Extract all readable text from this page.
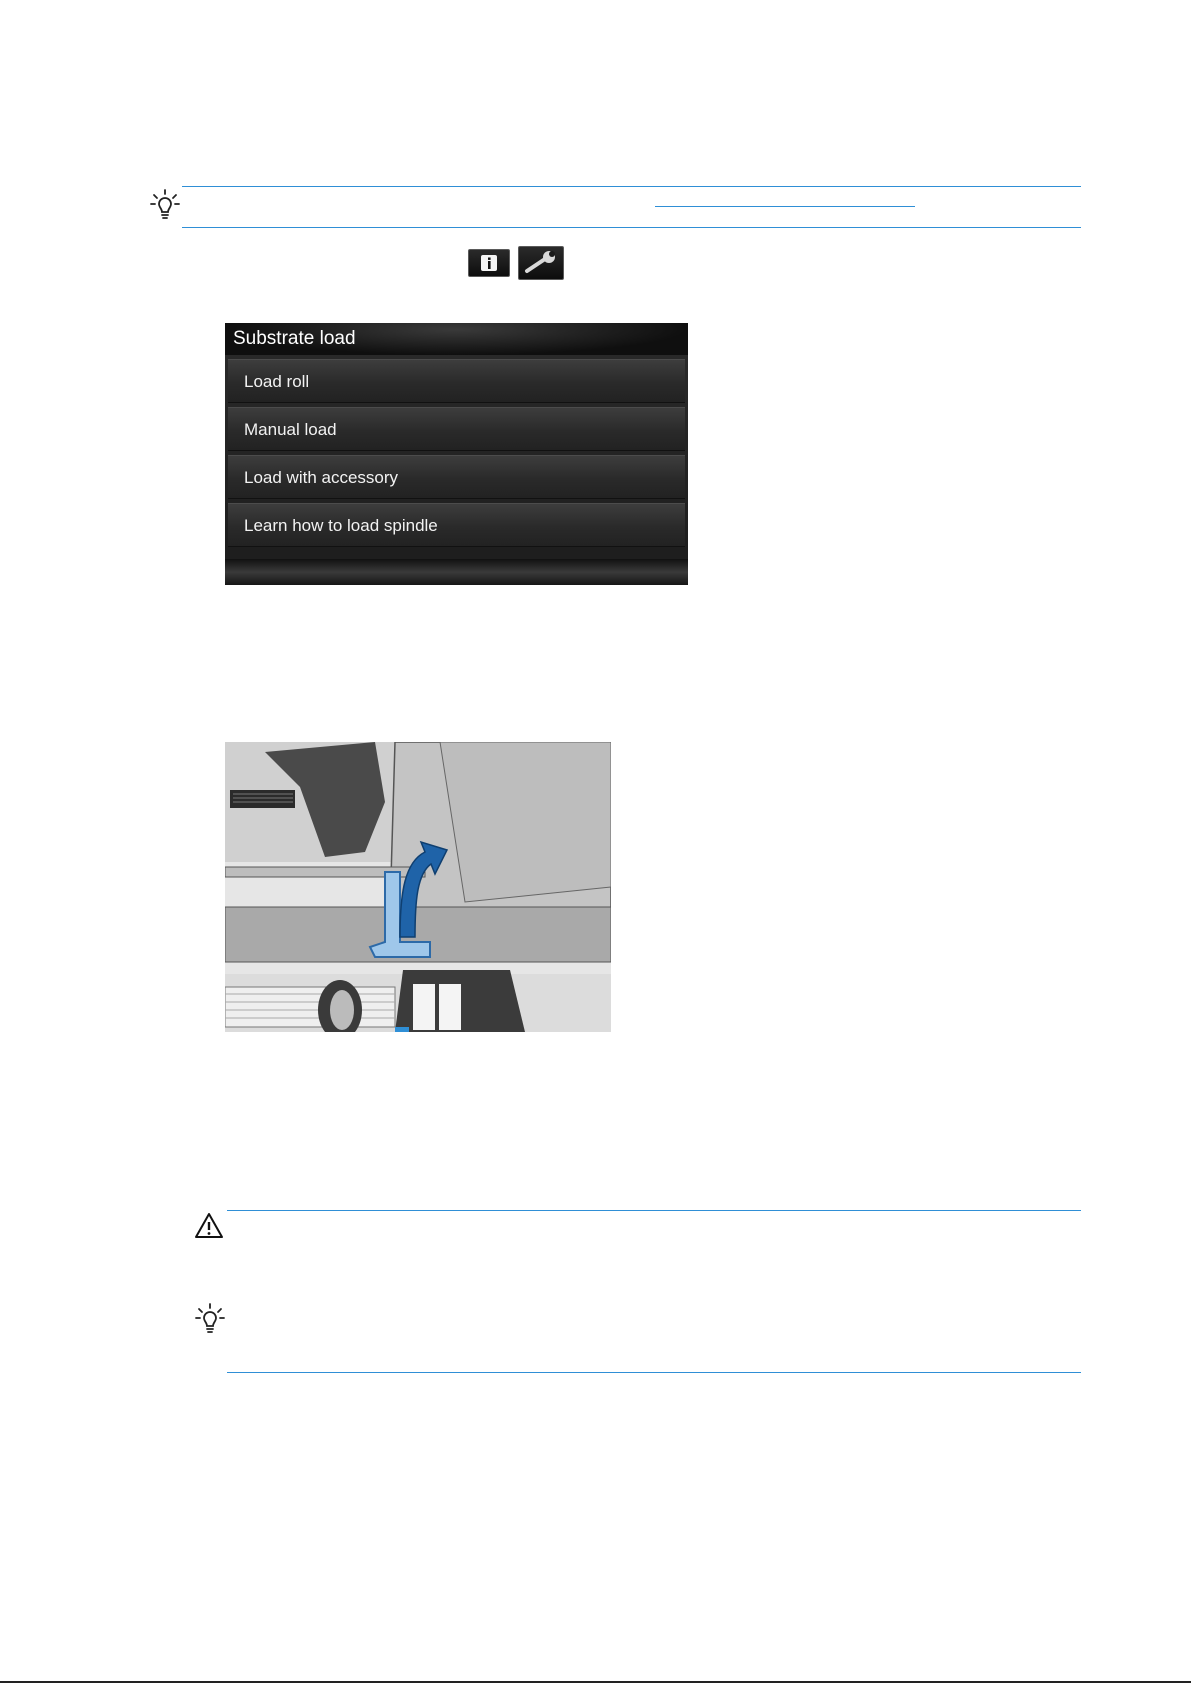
Substrate load
Load roll
Manual load
Load with accessory
Learn how to load spindle
